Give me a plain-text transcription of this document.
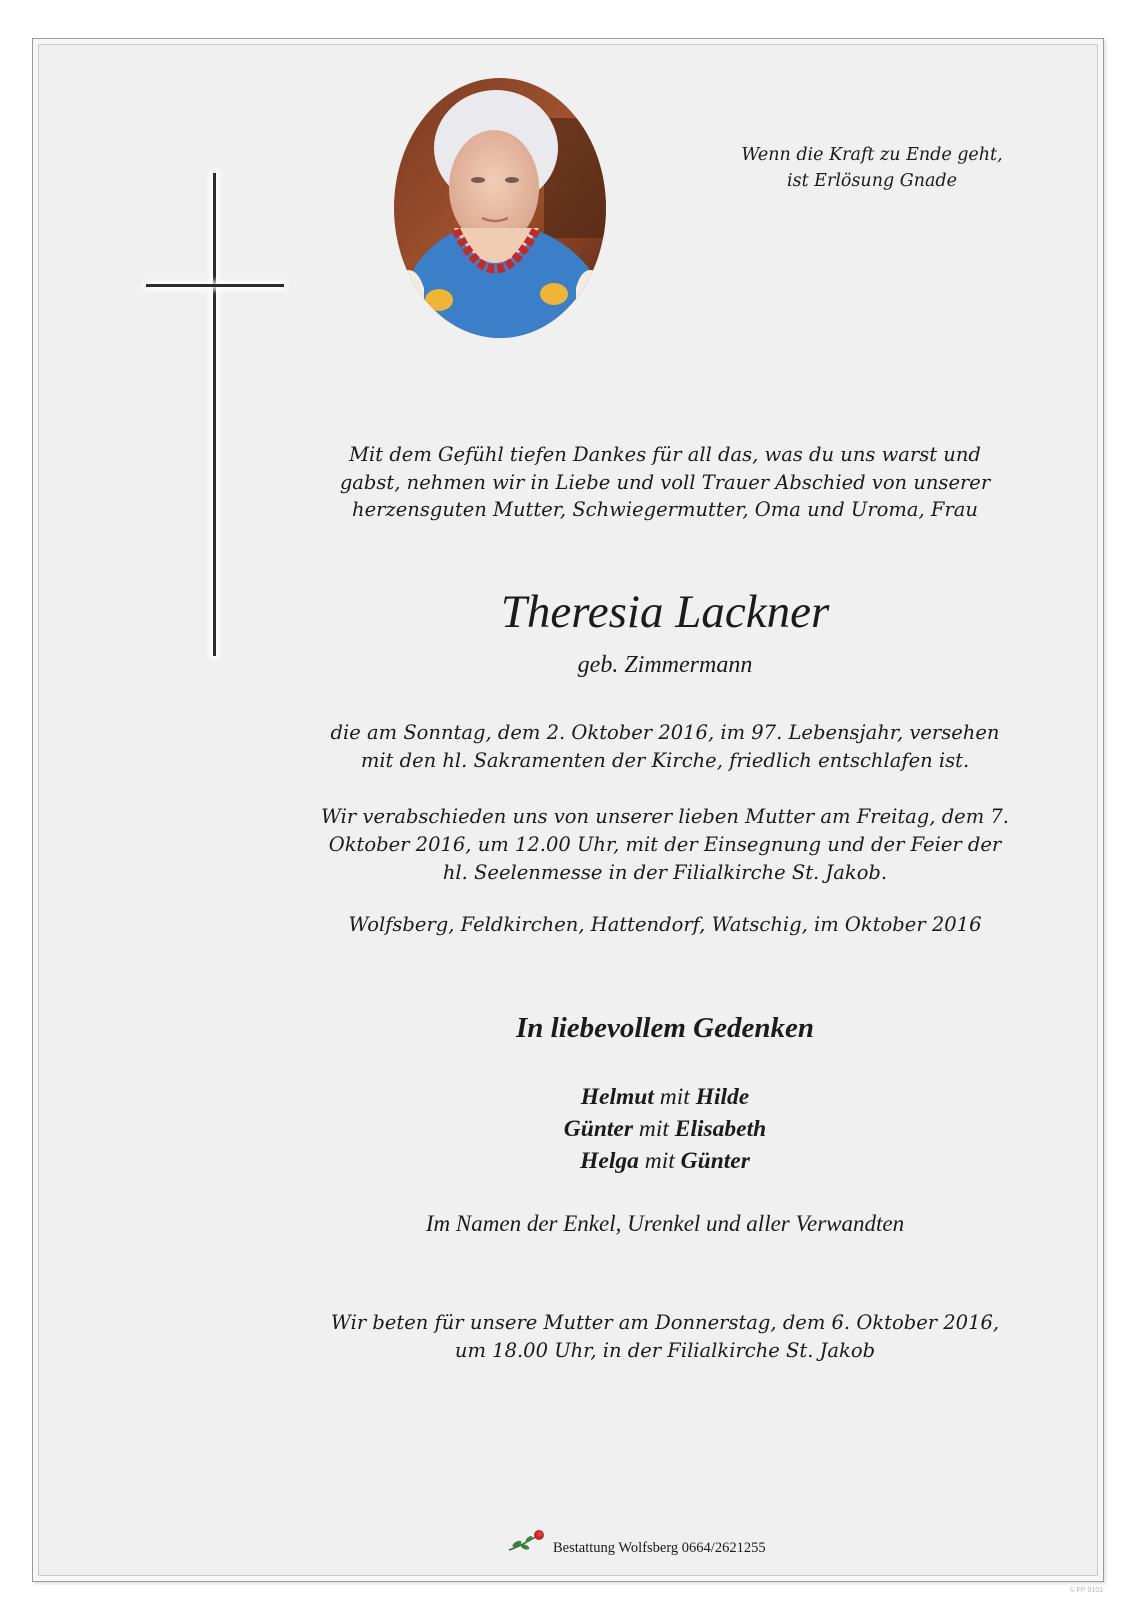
Wenn die Kraft zu Ende geht,
ist Erlösung Gnade
Mit dem Gefühl tiefen Dankes für all das, was du uns warst und
gabst, nehmen wir in Liebe und voll Trauer Abschied von unserer
herzensguten Mutter, Schwiegermutter, Oma und Uroma, Frau
Theresia Lackner
geb. Zimmermann
die am Sonntag, dem 2. Oktober 2016, im 97. Lebensjahr, versehen
mit den hl. Sakramenten der Kirche, friedlich entschlafen ist.
Wir verabschieden uns von unserer lieben Mutter am Freitag, dem 7.
Oktober 2016, um 12.00 Uhr, mit der Einsegnung und der Feier der
hl. Seelenmesse in der Filialkirche St. Jakob.
Wolfsberg, Feldkirchen, Hattendorf, Watschig, im Oktober 2016
In liebevollem Gedenken
Helmut mit Hilde
Günter mit Elisabeth
Helga mit Günter
Im Namen der Enkel, Urenkel und aller Verwandten
Wir beten für unsere Mutter am Donnerstag, dem 6. Oktober 2016,
um 18.00 Uhr, in der Filialkirche St. Jakob
Bestattung Wolfsberg 0664/2621255
© FP 9101
